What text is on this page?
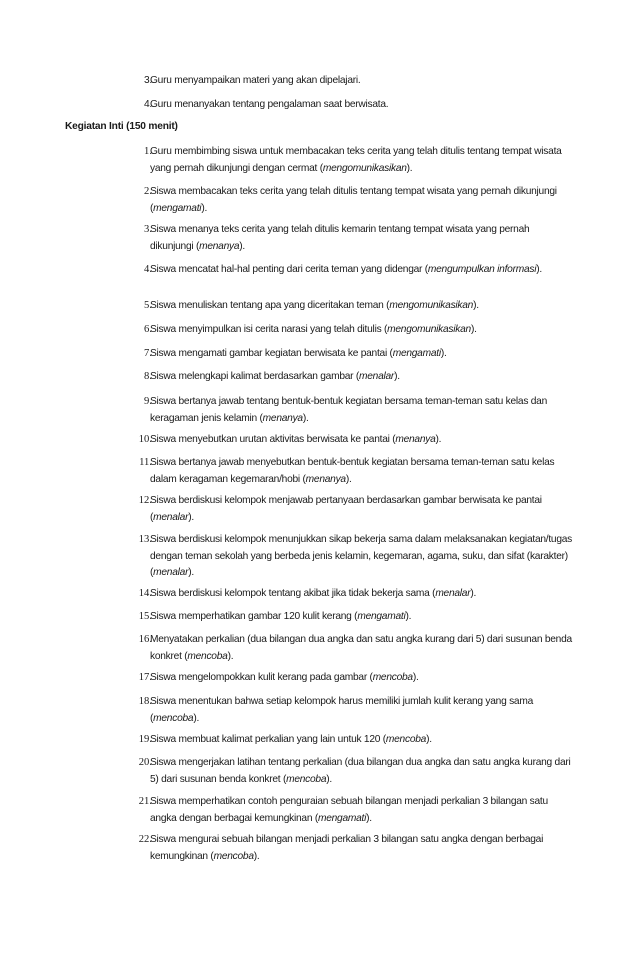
3.
Guru menyampaikan materi yang akan dipelajari.
4.
Guru menanyakan tentang pengalaman saat berwisata.
Kegiatan Inti (150 menit)
1.
Guru membimbing siswa untuk membacakan teks cerita yang telah ditulis tentang tempat wisata yang pernah dikunjungi dengan cermat (mengomunikasikan).
2.
Siswa membacakan teks cerita yang telah ditulis tentang tempat wisata yang pernah dikunjungi (mengamati).
3.
Siswa menanya teks cerita yang telah ditulis kemarin tentang tempat wisata yang pernah dikunjungi (menanya).
4.
Siswa mencatat hal-hal penting dari cerita teman yang didengar (mengumpulkan informasi).
5.
Siswa menuliskan tentang apa yang diceritakan teman (mengomunikasikan).
6.
Siswa menyimpulkan isi cerita narasi yang telah ditulis (mengomunikasikan).
7.
Siswa mengamati gambar kegiatan berwisata ke pantai (mengamati).
8.
Siswa melengkapi kalimat berdasarkan gambar (menalar).
9.
Siswa bertanya jawab tentang bentuk-bentuk kegiatan bersama teman-teman satu kelas dan keragaman jenis kelamin (menanya).
10.
Siswa menyebutkan urutan aktivitas berwisata ke pantai (menanya).
11.
Siswa bertanya jawab menyebutkan bentuk-bentuk kegiatan bersama teman-teman satu kelas dalam keragaman kegemaran/hobi (menanya).
12.
Siswa berdiskusi kelompok menjawab pertanyaan berdasarkan gambar berwisata ke pantai (menalar).
13.
Siswa berdiskusi kelompok menunjukkan sikap bekerja sama dalam melaksanakan kegiatan/tugas dengan teman sekolah yang berbeda jenis kelamin, kegemaran, agama, suku, dan sifat (karakter) (menalar).
14.
Siswa berdiskusi kelompok tentang akibat jika tidak bekerja sama (menalar).
15.
Siswa memperhatikan gambar 120 kulit kerang (mengamati).
16.
Menyatakan perkalian (dua bilangan dua angka dan satu angka kurang dari 5) dari susunan benda konkret (mencoba).
17.
Siswa mengelompokkan kulit kerang pada gambar (mencoba).
18.
Siswa menentukan bahwa setiap kelompok harus memiliki jumlah kulit kerang yang sama (mencoba).
19.
Siswa membuat kalimat perkalian yang lain untuk 120 (mencoba).
20.
Siswa mengerjakan latihan tentang perkalian (dua bilangan dua angka dan satu angka kurang dari 5) dari susunan benda konkret (mencoba).
21.
Siswa memperhatikan contoh penguraian sebuah bilangan menjadi perkalian 3 bilangan satu angka dengan berbagai kemungkinan (mengamati).
22.
Siswa mengurai sebuah bilangan menjadi perkalian 3 bilangan satu angka dengan berbagai kemungkinan (mencoba).
